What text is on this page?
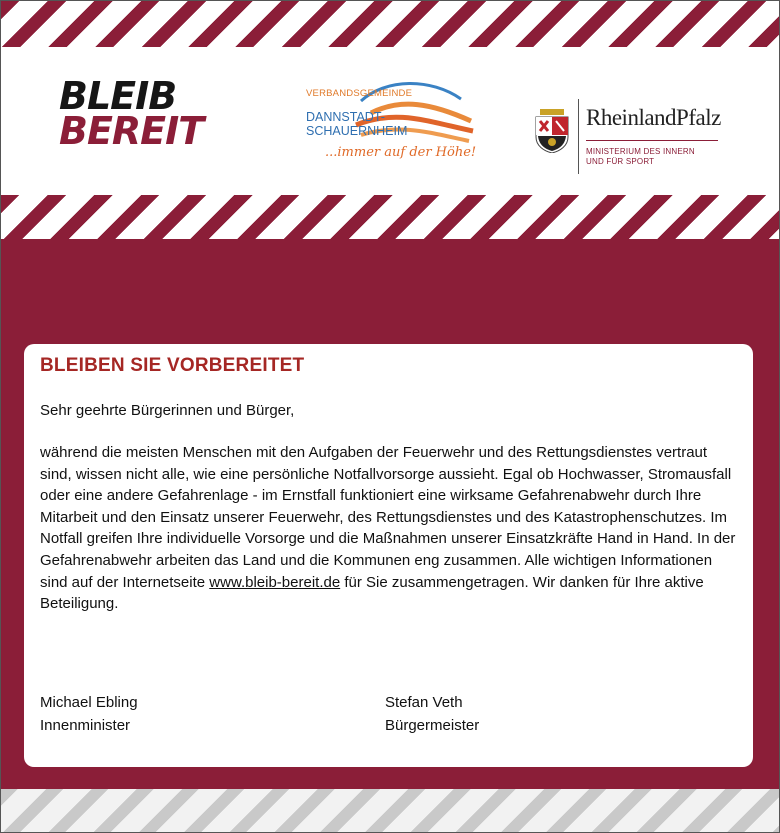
BLEIB
BEREIT
VERBANDSGEMEINDE
DANNSTADT-
SCHAUERNHEIM
...immer auf der Höhe!
RheinlandPfalz
MINISTERIUM DES INNERN
UND FÜR SPORT
BLEIBEN SIE VORBEREITET
Sehr geehrte Bürgerinnen und Bürger,
während die meisten Menschen mit den Aufgaben der Feuerwehr und des Rettungsdienstes vertraut sind, wissen nicht alle, wie eine persönliche Notfallvorsorge aussieht. Egal ob Hochwasser, Stromausfall oder eine andere Gefahrenlage - im Ernstfall funktioniert eine wirksame Gefahrenabwehr durch Ihre Mitarbeit und den Einsatz unserer Feuerwehr, des Rettungsdienstes und des Katastrophenschutzes. Im Notfall greifen Ihre individuelle Vorsorge und die Maßnahmen unserer Einsatzkräfte Hand in Hand. In der Gefahrenabwehr arbeiten das Land und die Kommunen eng zusammen. Alle wichtigen Informationen sind auf der Internetseite www.bleib-bereit.de für Sie zusammengetragen. Wir danken für Ihre aktive Beteiligung.
Michael Ebling
Innenminister
Stefan Veth
Bürgermeister
